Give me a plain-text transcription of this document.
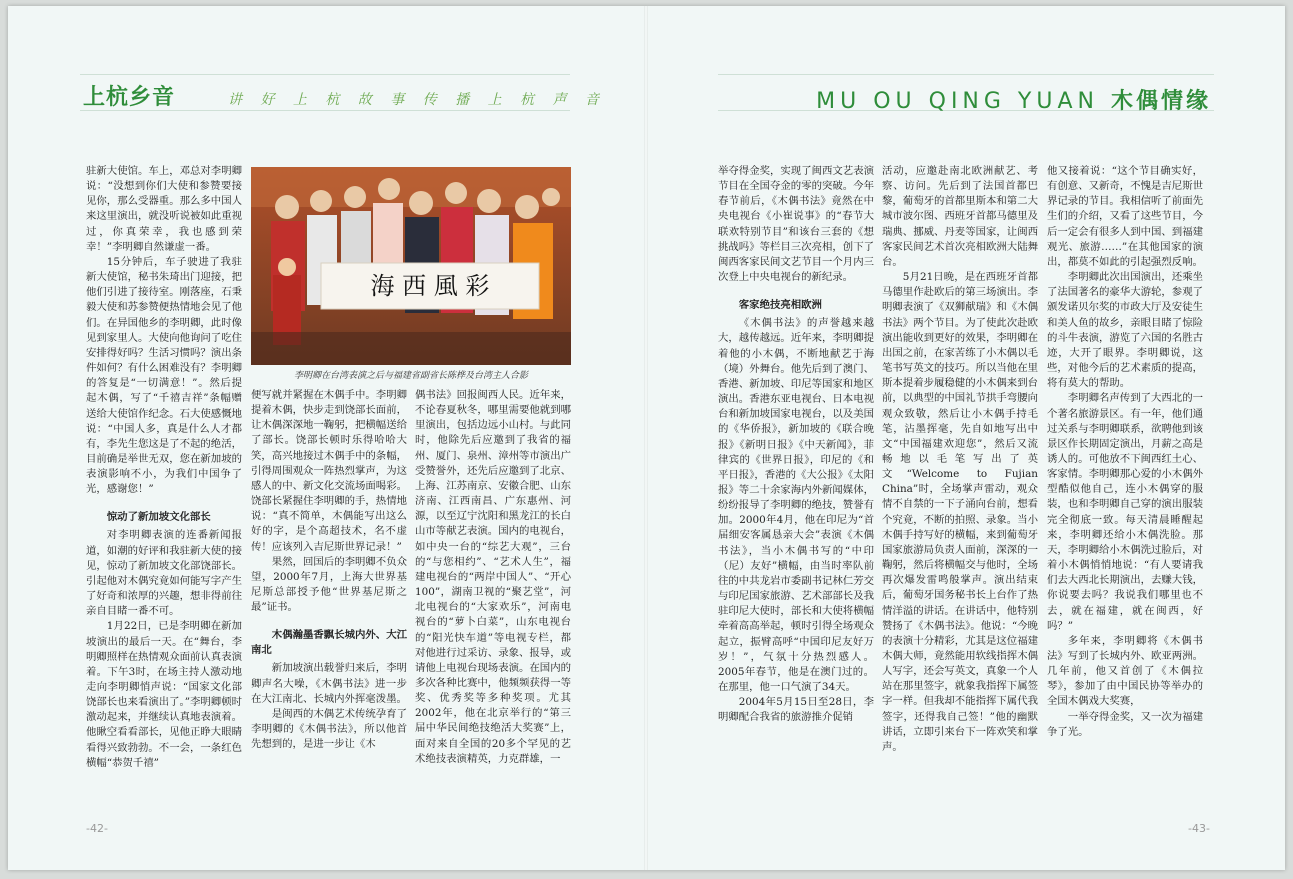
上杭乡音	讲 好 上 杭 故 事 传 播 上 杭 声 音

驻新大使馆。车上，邓总对李明卿说：“没想到你们大使和参赞要接见你，那么受器重。那么多中国人来这里演出，就没听说被如此重视过，你真荣幸，我也感到荣幸！”李明卿自然谦虚一番。

15分钟后，车子驶进了我驻新大使馆，秘书朱琦出门迎接，把他们引进了接待室。刚落座，石秉毅大使和苏参赞便热情地会见了他们。在异国他乡的李明卿，此时像见到家里人。大使向他询问了吃住安排得好吗？生活习惯吗？演出条件如何？有什么困难没有？李明卿的答复是“一切满意！”。然后提起木偶，写了“千禧吉祥”条幅赠送给大使馆作纪念。石大使感慨地说：“中国人多，真是什么人才都有，李先生您这是了不起的绝活，目前确是举世无双，您在新加坡的表演影响不小，为我们中国争了光，感谢您！”

惊动了新加坡文化部长

对李明卿表演的连番新闻报道，如潮的好评和我驻新大使的接见，惊动了新加坡文化部饶部长。引起他对木偶究竟如何能写字产生了好奇和浓厚的兴趣，想非得前往亲自目睹一番不可。

1月22日，已是李明卿在新加坡演出的最后一天。在“舞台，李明卿照样在热情观众面前认真表演着。下午3时，在场主持人激动地走向李明卿悄声说：“国家文化部饶部长也来看演出了。”李明卿顿时激动起来，并继续认真地表演着。他瞅空看看部长，见他正睁大眼睛看得兴致勃勃。不一会，一条红色横幅“恭贺千禧”

海 西 風 彩
李明卿在台湾表演之后与福建省副省长陈桦及台湾主人合影

便写就并紧握在木偶手中。李明卿提着木偶，快步走到饶部长面前，让木偶深深地一鞠躬，把横幅送给了部长。饶部长顿时乐得哈哈大笑，高兴地接过木偶手中的条幅，引得周围观众一阵热烈掌声，为这感人的中、新文化交流场面喝彩。饶部长紧握住李明卿的手，热情地说：“真不简单，木偶能写出这么好的字，是个高超技术，名不虚传！应该列入吉尼斯世界记录！”

果然，回国后的李明卿不负众望，2000年7月，上海大世界基尼斯总部授予他“世界基尼斯之最”证书。

木偶瀚墨香飘长城内外、大江南北

新加坡演出载誉归来后，李明卿声名大噪，《木偶书法》进一步在大江南北、长城内外挥毫泼墨。

是闽西的木偶艺术传统孕育了李明卿的《木偶书法》，所以他首先想到的，是进一步让《木

偶书法》回报闽西人民。近年来，不论春夏秋冬，哪里需要他就到哪里演出，包括边远小山村。与此同时，他除先后应邀到了我省的福州、厦门、泉州、漳州等市演出广受赞誉外，还先后应邀到了北京、上海、江苏南京、安徽合肥、山东济南、江西南昌、广东惠州、河源，以至辽宁沈阳和黑龙江的长白山市等献艺表演。国内的电视台，如中央一台的“综艺大观”，三台的“与您相约”、“艺术人生”，福建电视台的“两岸中国人”、“开心100”，湖南卫视的“聚艺堂”，河北电视台的“大家欢乐”，河南电视台的“萝卜白菜”，山东电视台的“阳光快车道”等电视专栏，都对他进行过采访、录象、报导，或请他上电视台现场表演。在国内的多次各种比赛中，他频频获得一等奖、优秀奖等多种奖项。尤其2002年，他在北京举行的“第三届中华民间绝技绝活大奖赛”上，面对来自全国的20多个罕见的艺术绝技表演精英，力克群雄，一

-42-
MU OU QING YUAN 木偶情缘

举夺得金奖，实现了闽西文艺表演节目在全国夺金的零的突破。今年春节前后，《木偶书法》竟然在中央电视台《小崔说事》的“春节大联欢特别节目”和该台三套的《想挑战吗》等栏目三次亮相，创下了闽西客家民间文艺节目一个月内三次登上中央电视台的新纪录。

客家绝技亮相欧洲

《木偶书法》的声誉越来越大，越传越远。近年来，李明卿提着他的小木偶，不断地献艺于海（境）外舞台。他先后到了澳门、香港、新加坡、印尼等国家和地区演出。香港东亚电视台、日本电视台和新加坡国家电视台，以及美国的《华侨报》，新加坡的《联合晚报》《新明日报》《中天新闻》，菲律宾的《世界日报》，印尼的《和平日报》，香港的《大公报》《太阳报》等二十余家海内外新闻媒体，纷纷报导了李明卿的绝技，赞誉有加。2000年4月，他在印尼为“首届细安客属恳亲大会”表演《木偶书法》，当小木偶书写的“中印（尼）友好”横幅，由当时率队前往的中共龙岩市委副书记林仁芳交与印尼国家旅游、艺术部部长及我驻印尼大使时，部长和大使将横幅牵着高高举起，顿时引得全场观众起立，振臂高呼“中国印尼友好万岁！”，气氛十分热烈感人。2005年春节，他是在澳门过的。在那里，他一口气演了34天。

2004年5月15日至28日，李明卿配合我省的旅游推介促销

活动，应邀赴南北欧洲献艺、考察、访问。先后到了法国首都巴黎，葡萄牙的首都里斯本和第二大城市波尔图、西班牙首都马德里及瑞典、挪威、丹麦等国家，让闽西客家民间艺术首次亮相欧洲大陆舞台。

5月21日晚，是在西班牙首都马德里作赴欧后的第三场演出。李明卿表演了《双狮献瑞》和《木偶书法》两个节目。为了使此次赴欧演出能收到更好的效果，李明卿在出国之前，在家苦练了小木偶以毛笔书写英文的技巧。所以当他在里斯本提着步履稳健的小木偶来到台前，以典型的中国礼节拱手弯腰向观众致敬，然后让小木偶手持毛笔，沾墨挥毫，先自如地写出中文“中国福建欢迎您”，然后又流畅地以毛笔写出了英文“Welcome to Fujian China”时，全场掌声雷动，观众情不自禁的一下子涌向台前，想看个究竟，不断的拍照、录象。当小木偶手持写好的横幅，来到葡萄牙国家旅游局负责人面前，深深的一鞠躬，然后将横幅交与他时，全场再次爆发雷鸣般掌声。演出结束后，葡萄牙国务秘书长上台作了热情洋溢的讲话。在讲话中，他特别赞扬了《木偶书法》。他说：“今晚的表演十分精彩，尤其是这位福建木偶大师，竟然能用软线指挥木偶人写字，还会写英文，真象一个人站在那里签字，就象我指挥下属签字一样。但我却不能指挥下属代我签字，还得我自己签！”他的幽默讲话，立即引来台下一阵欢笑和掌声。

他又接着说：“这个节目确实好，有创意、又新奇，不愧是吉尼斯世界记录的节目。我相信听了前面先生们的介绍，又看了这些节目，今后一定会有很多人到中国、到福建观光、旅游……”在其他国家的演出，都莫不如此的引起强烈反响。

李明卿此次出国演出，还乘坐了法国著名的豪华大游轮，参观了颁发诺贝尔奖的市政大厅及安徒生和美人鱼的故乡，亲眼目睹了惊险的斗牛表演，游览了六国的名胜古迹，大开了眼界。李明卿说，这些，对他今后的艺术素质的提高，将有莫大的帮助。

李明卿名声传到了大西北的一个著名旅游景区。有一年，他们通过关系与李明卿联系，欲聘他到该景区作长期固定演出，月薪之高是诱人的。可他放不下闽西红土心、客家情。李明卿那心爱的小木偶外型酷似他自己，连小木偶穿的服装，也和李明卿自己穿的演出服装完全彻底一致。每天清晨睡醒起来，李明卿还给小木偶洗脸。那天，李明卿给小木偶洗过脸后，对着小木偶悄悄地说：“有人要请我们去大西北长期演出，去赚大钱，你说要去吗？我说我们哪里也不去，就在福建，就在闽西，好吗？”

多年来，李明卿将《木偶书法》写到了长城内外、欧亚两洲。几年前，他又首创了《木偶拉琴》，参加了由中国民协等举办的全国木偶戏大奖赛，

一举夺得金奖，又一次为福建争了光。

-43-
